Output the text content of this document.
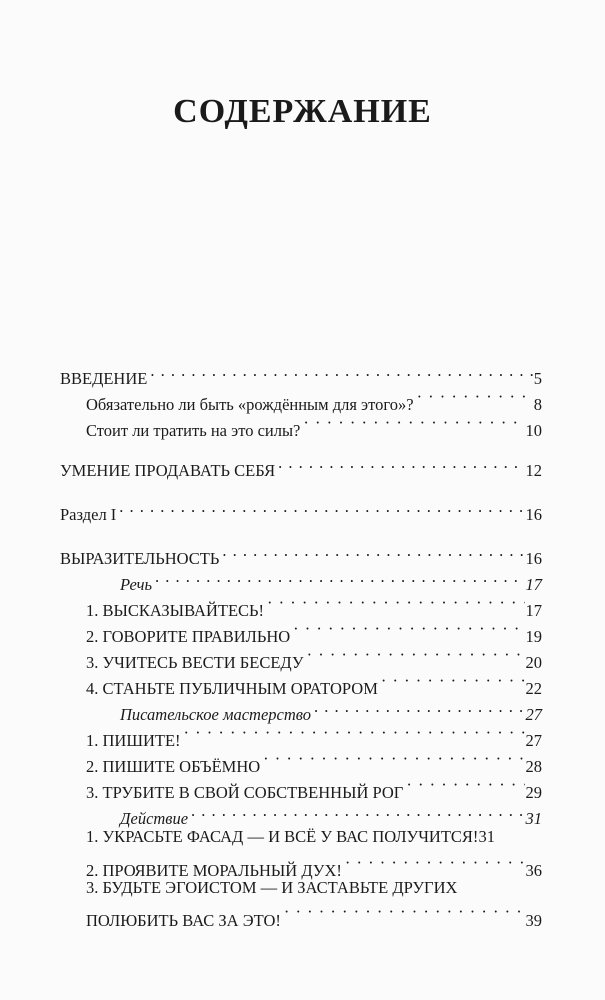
СОДЕРЖАНИЕ
ВВЕДЕНИЕ . . .	5
Обязательно ли быть «рождённым для этого»? · · ·	8
Стоит ли тратить на это силы? · · ·	10
УМЕНИЕ ПРОДАВАТЬ СЕБЯ . . .	12
Раздел I . . .	16
ВЫРАЗИТЕЛЬНОСТЬ . . .	16
Речь . . .	17
1. ВЫСКАЗЫВАЙТЕСЬ! · · ·	17
2. ГОВОРИТЕ ПРАВИЛЬНО · · ·	19
3. УЧИТЕСЬ ВЕСТИ БЕСЕДУ · · ·	20
4. СТАНЬТЕ ПУБЛИЧНЫМ ОРАТОРОМ · · ·	22
Писательское мастерство . . .	27
1. ПИШИТЕ! · · ·	27
2. ПИШИТЕ ОБЪЁМНО · · ·	28
3. ТРУБИТЕ В СВОЙ СОБСТВЕННЫЙ РОГ · · ·	29
Действие . . .	31
1. УКРАСЬТЕ ФАСАД — И ВСЁ У ВАС ПОЛУЧИТСЯ! 31
2. ПРОЯВИТЕ МОРАЛЬНЫЙ ДУХ! · · ·	36
3. БУДЬТЕ ЭГОИСТОМ — И ЗАСТАВЬТЕ ДРУГИХ
ПОЛЮБИТЬ ВАС ЗА ЭТО! · · ·	39
